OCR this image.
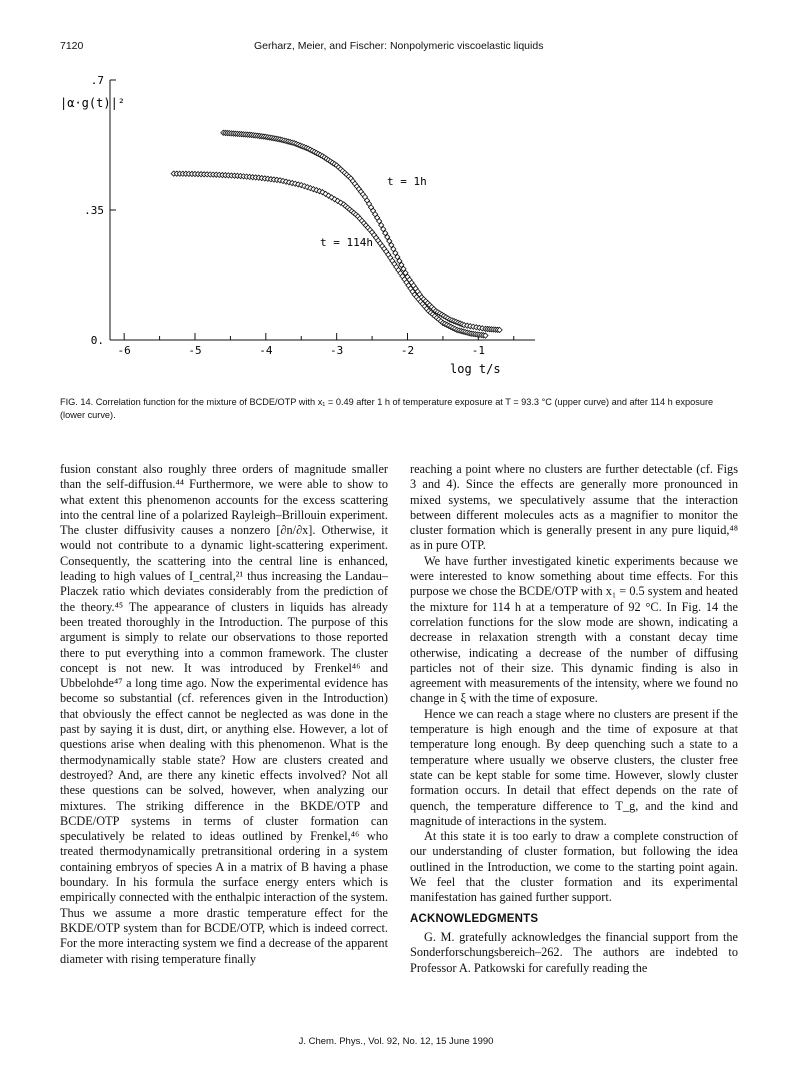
7120	Gerharz, Meier, and Fischer: Nonpolymeric viscoelastic liquids
-6	-5	-4	-3	-2	-1
.7
.35
0.
|α·g(t)|²
log t/s
t = 1h
t = 114h
FIG. 14. Correlation function for the mixture of BCDE/OTP with x₁ = 0.49 after 1 h of temperature exposure at T = 93.3 °C (upper curve) and after 114 h exposure (lower curve).

fusion constant also roughly three orders of magnitude smaller than the self-diffusion.⁴⁴ Furthermore, we were able to show to what extent this phenomenon accounts for the excess scattering into the central line of a polarized Rayleigh–Brillouin experiment. The cluster diffusivity causes a nonzero [∂n/∂x]. Otherwise, it would not contribute to a dynamic light-scattering experiment. Consequently, the scattering into the central line is enhanced, leading to high values of I_central,²¹ thus increasing the Landau–Placzek ratio which deviates considerably from the prediction of the theory.⁴⁵ The appearance of clusters in liquids has already been treated thoroughly in the Introduction. The purpose of this argument is simply to relate our observations to those reported there to put everything into a common framework. The cluster concept is not new. It was introduced by Frenkel⁴⁶ and Ubbelohde⁴⁷ a long time ago. Now the experimental evidence has become so substantial (cf. references given in the Introduction) that obviously the effect cannot be neglected as was done in the past by saying it is dust, dirt, or anything else. However, a lot of questions arise when dealing with this phenomenon. What is the thermodynamically stable state? How are clusters created and destroyed? And, are there any kinetic effects involved? Not all these questions can be solved, however, when analyzing our mixtures. The striking difference in the BKDE/OTP and BCDE/OTP systems in terms of cluster formation can speculatively be related to ideas outlined by Frenkel,⁴⁶ who treated thermodynamically pretransitional ordering in a system containing embryos of species A in a matrix of B having a phase boundary. In his formula the surface energy enters which is empirically connected with the enthalpic interaction of the system. Thus we assume a more drastic temperature effect for the BKDE/OTP system than for BCDE/OTP, which is indeed correct. For the more interacting system we find a decrease of the apparent diameter with rising temperature finally

reaching a point where no clusters are further detectable (cf. Figs 3 and 4). Since the effects are generally more pronounced in mixed systems, we speculatively assume that the interaction between different molecules acts as a magnifier to monitor the cluster formation which is generally present in any pure liquid,⁴⁸ as in pure OTP.

We have further investigated kinetic experiments because we were interested to know something about time effects. For this purpose we chose the BCDE/OTP with x₁ = 0.5 system and heated the mixture for 114 h at a temperature of 92 °C. In Fig. 14 the correlation functions for the slow mode are shown, indicating a decrease in relaxation strength with a constant decay time otherwise, indicating a decrease of the number of diffusing particles not of their size. This dynamic finding is also in agreement with measurements of the intensity, where we found no change in ξ with the time of exposure.

Hence we can reach a stage where no clusters are present if the temperature is high enough and the time of exposure at that temperature long enough. By deep quenching such a state to a temperature where usually we observe clusters, the cluster free state can be kept stable for some time. However, slowly cluster formation occurs. In detail that effect depends on the rate of quench, the temperature difference to T_g, and the kind and magnitude of interactions in the system.

At this state it is too early to draw a complete construction of our understanding of cluster formation, but following the idea outlined in the Introduction, we come to the starting point again. We feel that the cluster formation and its experimental manifestation has gained further support.

ACKNOWLEDGMENTS

G. M. gratefully acknowledges the financial support from the Sonderforschungsbereich–262. The authors are indebted to Professor A. Patkowski for carefully reading the

J. Chem. Phys., Vol. 92, No. 12, 15 June 1990
